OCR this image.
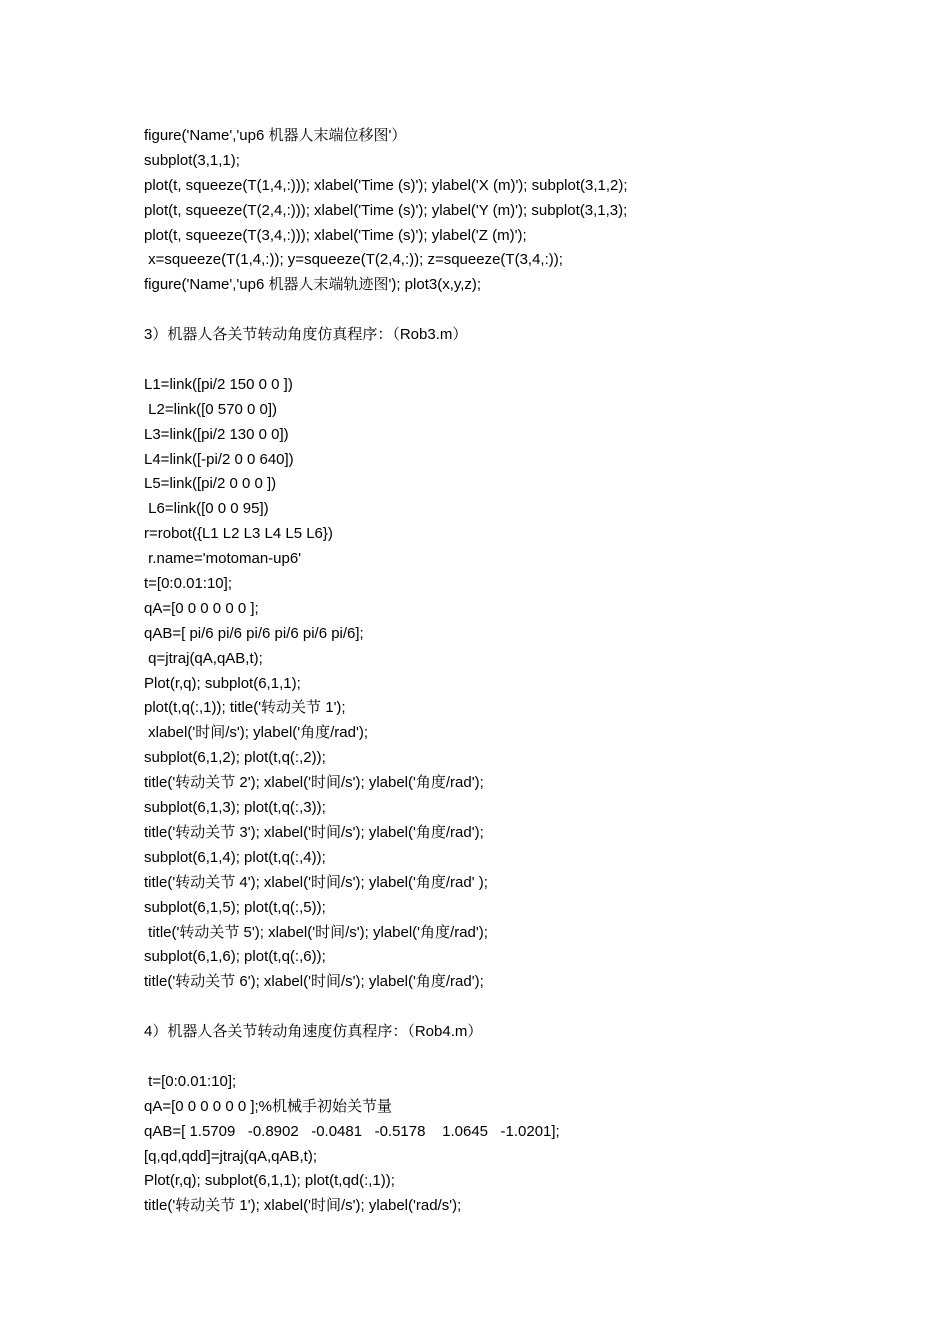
figure('Name','up6 机器人末端位移图'）
subplot(3,1,1);
plot(t, squeeze(T(1,4,:))); xlabel('Time (s)'); ylabel('X (m)'); subplot(3,1,2);
plot(t, squeeze(T(2,4,:))); xlabel('Time (s)'); ylabel('Y (m)'); subplot(3,1,3);
plot(t, squeeze(T(3,4,:))); xlabel('Time (s)'); ylabel('Z (m)');
x=squeeze(T(1,4,:)); y=squeeze(T(2,4,:)); z=squeeze(T(3,4,:));
figure('Name','up6 机器人末端轨迹图'); plot3(x,y,z);
3）机器人各关节转动角度仿真程序：（Rob3.m）
L1=link([pi/2 150 0 0 ])
L2=link([0 570 0 0])
L3=link([pi/2 130 0 0])
L4=link([-pi/2 0 0 640])
L5=link([pi/2 0 0 0 ])
L6=link([0 0 0 95])
r=robot({L1 L2 L3 L4 L5 L6})
r.name='motoman-up6'
t=[0:0.01:10];
qA=[0 0 0 0 0 0 ];
qAB=[ pi/6 pi/6 pi/6 pi/6 pi/6 pi/6];
q=jtraj(qA,qAB,t);
Plot(r,q); subplot(6,1,1);
plot(t,q(:,1)); title('转动关节 1');
xlabel('时间/s'); ylabel('角度/rad');
subplot(6,1,2); plot(t,q(:,2));
title('转动关节 2'); xlabel('时间/s'); ylabel('角度/rad');
subplot(6,1,3); plot(t,q(:,3));
title('转动关节 3'); xlabel('时间/s'); ylabel('角度/rad');
subplot(6,1,4); plot(t,q(:,4));
title('转动关节 4'); xlabel('时间/s'); ylabel('角度/rad' );
subplot(6,1,5); plot(t,q(:,5));
title('转动关节 5'); xlabel('时间/s'); ylabel('角度/rad');
subplot(6,1,6); plot(t,q(:,6));
title('转动关节 6'); xlabel('时间/s'); ylabel('角度/rad');
4）机器人各关节转动角速度仿真程序：（Rob4.m）
t=[0:0.01:10];
qA=[0 0 0 0 0 0 ];%机械手初始关节量
qAB=[ 1.5709   -0.8902   -0.0481   -0.5178    1.0645   -1.0201];
[q,qd,qdd]=jtraj(qA,qAB,t);
Plot(r,q); subplot(6,1,1); plot(t,qd(:,1));
title('转动关节 1'); xlabel('时间/s'); ylabel('rad/s');
